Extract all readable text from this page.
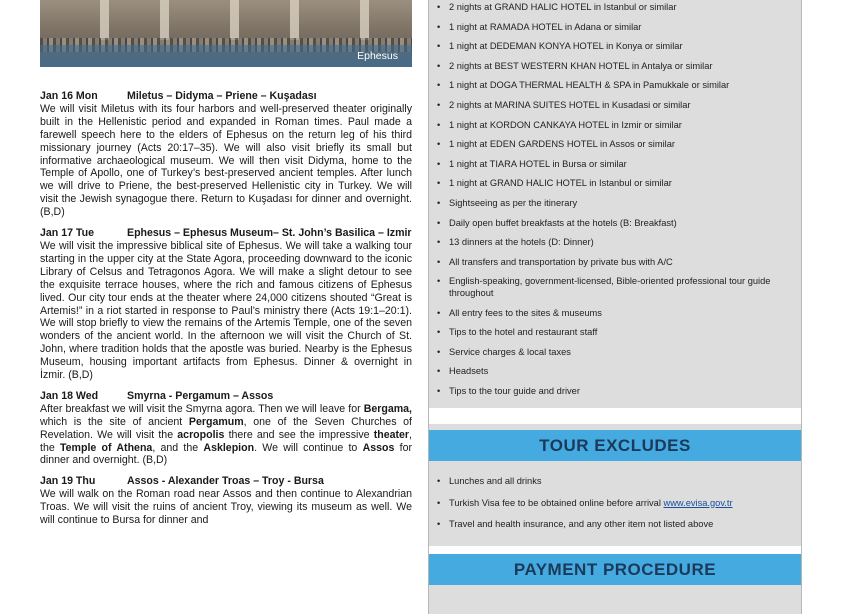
Ephesus
Jan 16 Mon	Miletus – Didyma – Priene – Kuşadası
We will visit Miletus with its four harbors and well-preserved theater originally built in the Hellenistic period and expanded in Roman times. Paul made a farewell speech here to the elders of Ephesus on the return leg of his third missionary journey (Acts 20:17–35). We will also visit briefly its small but informative archaeological museum. We will then visit Didyma, home to the Temple of Apollo, one of Turkey’s best-preserved ancient temples. After lunch we will drive to Priene, the best-preserved Hellenistic city in Turkey. We will visit the Jewish synagogue there. Return to Kuşadası for dinner and overnight. (B,D)
Jan 17 Tue	Ephesus – Ephesus Museum– St. John’s Basilica – Izmir
We will visit the impressive biblical site of Ephesus. We will take a walking tour starting in the upper city at the State Agora, proceeding downward to the iconic Library of Celsus and Tetragonos Agora. We will make a slight detour to see the exquisite terrace houses, where the rich and famous citizens of Ephesus lived. Our city tour ends at the theater where 24,000 citizens shouted “Great is Artemis!” in a riot started in response to Paul’s ministry there (Acts 19:1–20:1). We will stop briefly to view the remains of the Artemis Temple, one of the seven wonders of the ancient world. In the afternoon we will visit the Church of St. John, where tradition holds that the apostle was buried. Nearby is the Ephesus Museum, housing important artifacts from Ephesus. Dinner & overnight in İzmir. (B,D)
Jan 18 Wed	Smyrna - Pergamum – Assos
After breakfast we will visit the Smyrna agora. Then we will leave for Bergama, which is the site of ancient Pergamum, one of the Seven Churches of Revelation. We will visit the acropolis there and see the impressive theater, the Temple of Athena, and the Asklepion. We will continue to Assos for dinner and overnight. (B,D)
Jan 19 Thu	Assos - Alexander Troas – Troy - Bursa
We will walk on the Roman road near Assos and then continue to Alexandrian Troas. We will visit the ruins of ancient Troy, viewing its museum as well. We will continue to Bursa for dinner and
• 2 nights at GRAND HALIC HOTEL in Istanbul or similar
• 1 night at RAMADA HOTEL in Adana or similar
• 1 night at DEDEMAN KONYA HOTEL in Konya or similar
• 2 nights at BEST WESTERN KHAN HOTEL in Antalya or similar
• 1 night at DOGA THERMAL HEALTH & SPA in Pamukkale or similar
• 2 nights at MARINA SUITES HOTEL in Kusadasi or similar
• 1 night at KORDON CANKAYA HOTEL in Izmir or similar
• 1 night at EDEN GARDENS HOTEL in Assos or similar
• 1 night at TIARA HOTEL in Bursa or similar
• 1 night at GRAND HALIC HOTEL in Istanbul or similar
• Sightseeing as per the itinerary
• Daily open buffet breakfasts at the hotels (B: Breakfast)
• 13 dinners at the hotels (D: Dinner)
• All transfers and transportation by private bus with A/C
• English-speaking, government-licensed, Bible-oriented professional tour guide throughout
• All entry fees to the sites & museums
• Tips to the hotel and restaurant staff
• Service charges & local taxes
• Headsets
• Tips to the tour guide and driver
TOUR EXCLUDES
• Lunches and all drinks
• Turkish Visa fee to be obtained online before arrival www.evisa.gov.tr
• Travel and health insurance, and any other item not listed above
PAYMENT PROCEDURE
